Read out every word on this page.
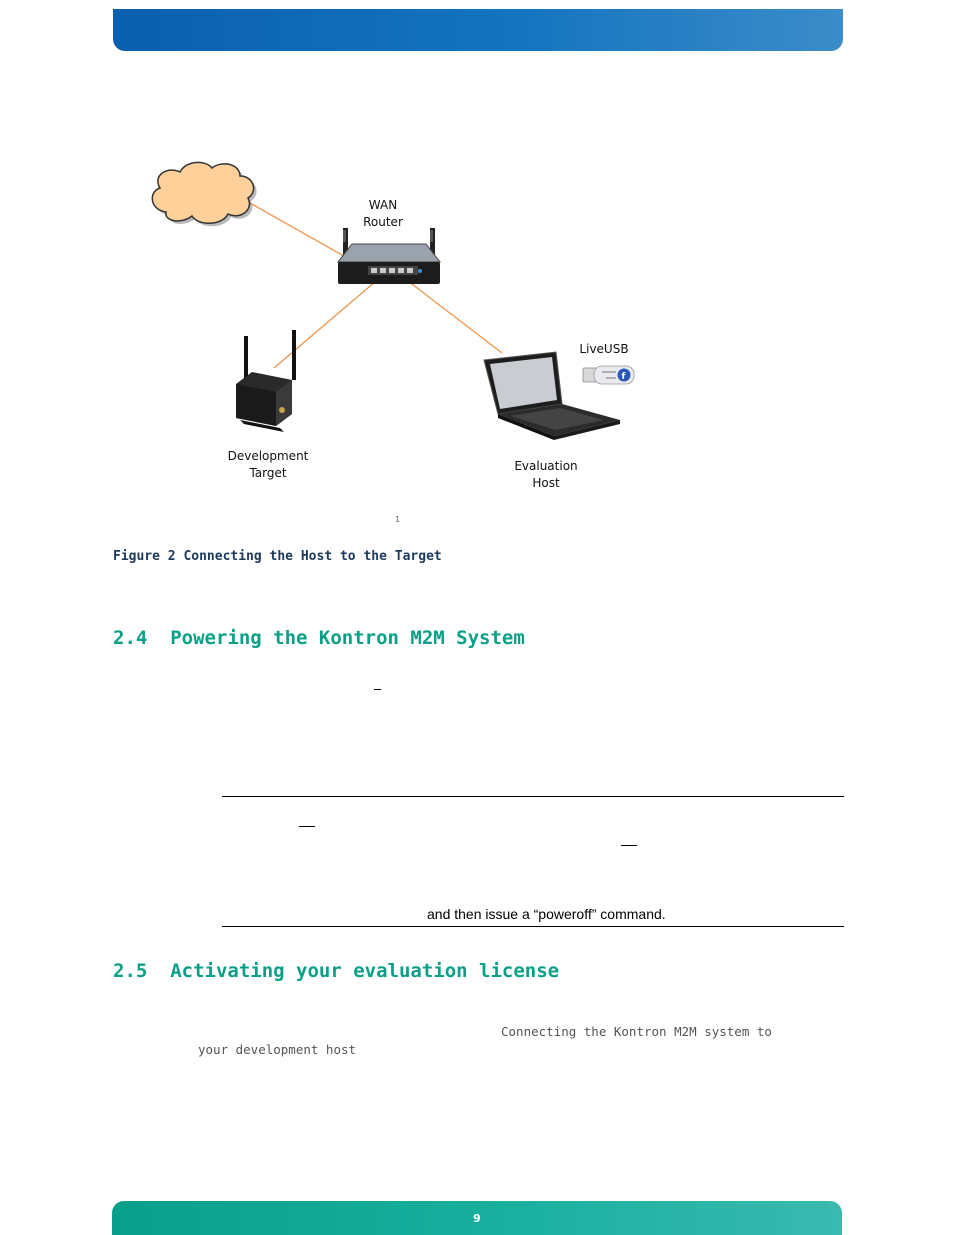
f
WAN
Router
LiveUSB
Development
Target	Evaluation
Host
1
Figure 2 Connecting the Host to the Target
2.4  Powering the Kontron M2M System
and then issue a “poweroff” command.
2.5  Activating your evaluation license
Connecting the Kontron M2M system to
your development host
9
